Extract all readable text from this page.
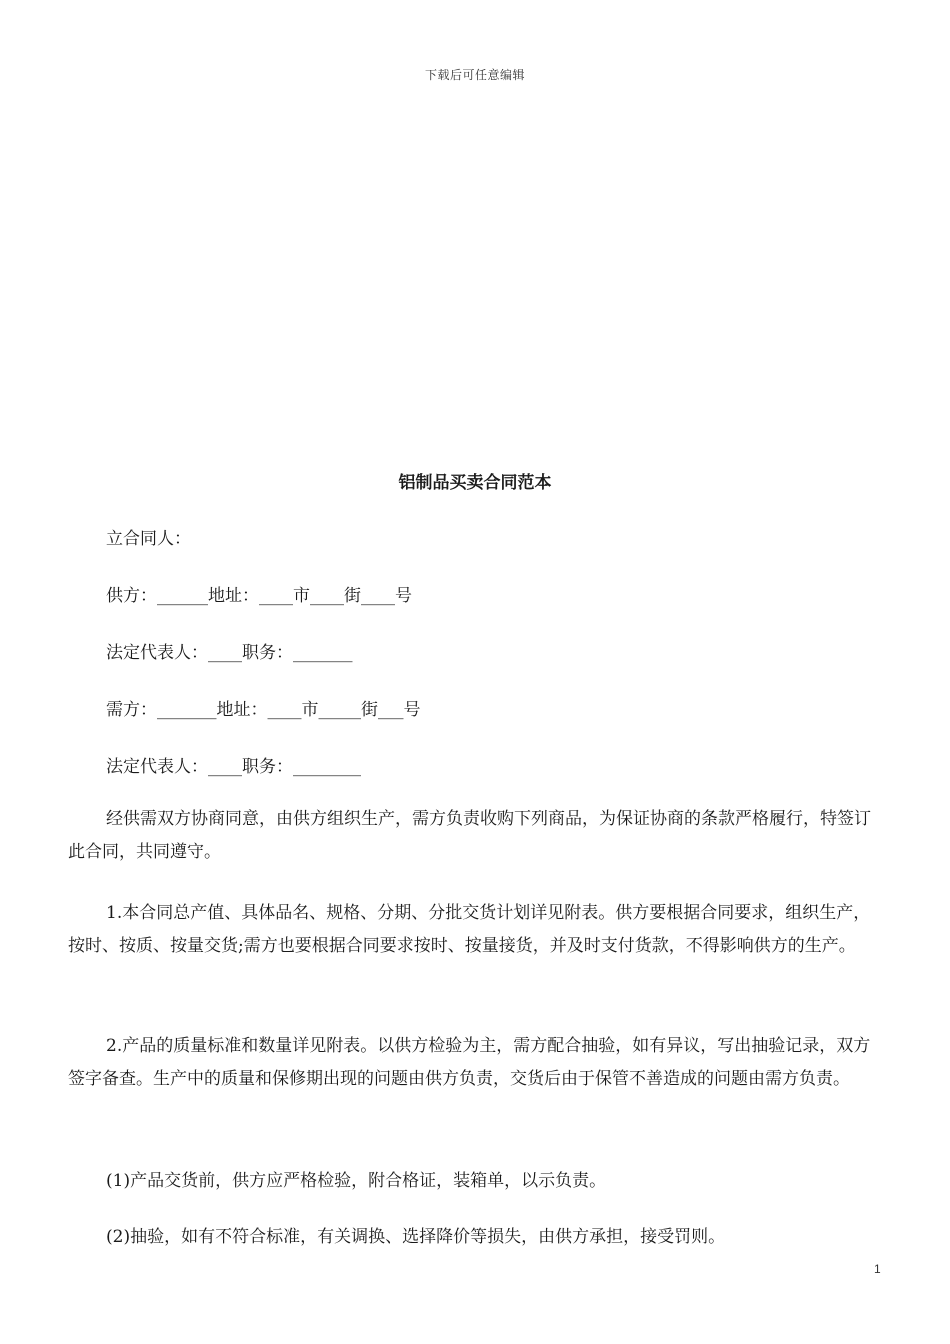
下载后可任意编辑
铝制品买卖合同范本

立合同人：

供方：______地址：____市____街____号

法定代表人：____职务：_______

需方：_______地址：____市_____街___号

法定代表人：____职务：________

经供需双方协商同意，由供方组织生产，需方负责收购下列商品，为保证协商的条款严格履行，特签订此合同，共同遵守。

1.本合同总产值、具体品名、规格、分期、分批交货计划详见附表。供方要根据合同要求，组织生产，按时、按质、按量交货;需方也要根据合同要求按时、按量接货，并及时支付货款，不得影响供方的生产。

2.产品的质量标准和数量详见附表。以供方检验为主，需方配合抽验，如有异议，写出抽验记录，双方签字备查。生产中的质量和保修期出现的问题由供方负责，交货后由于保管不善造成的问题由需方负责。

(1)产品交货前，供方应严格检验，附合格证，装箱单，以示负责。

(2)抽验，如有不符合标准，有关调换、选择降价等损失，由供方承担，接受罚则。

1
